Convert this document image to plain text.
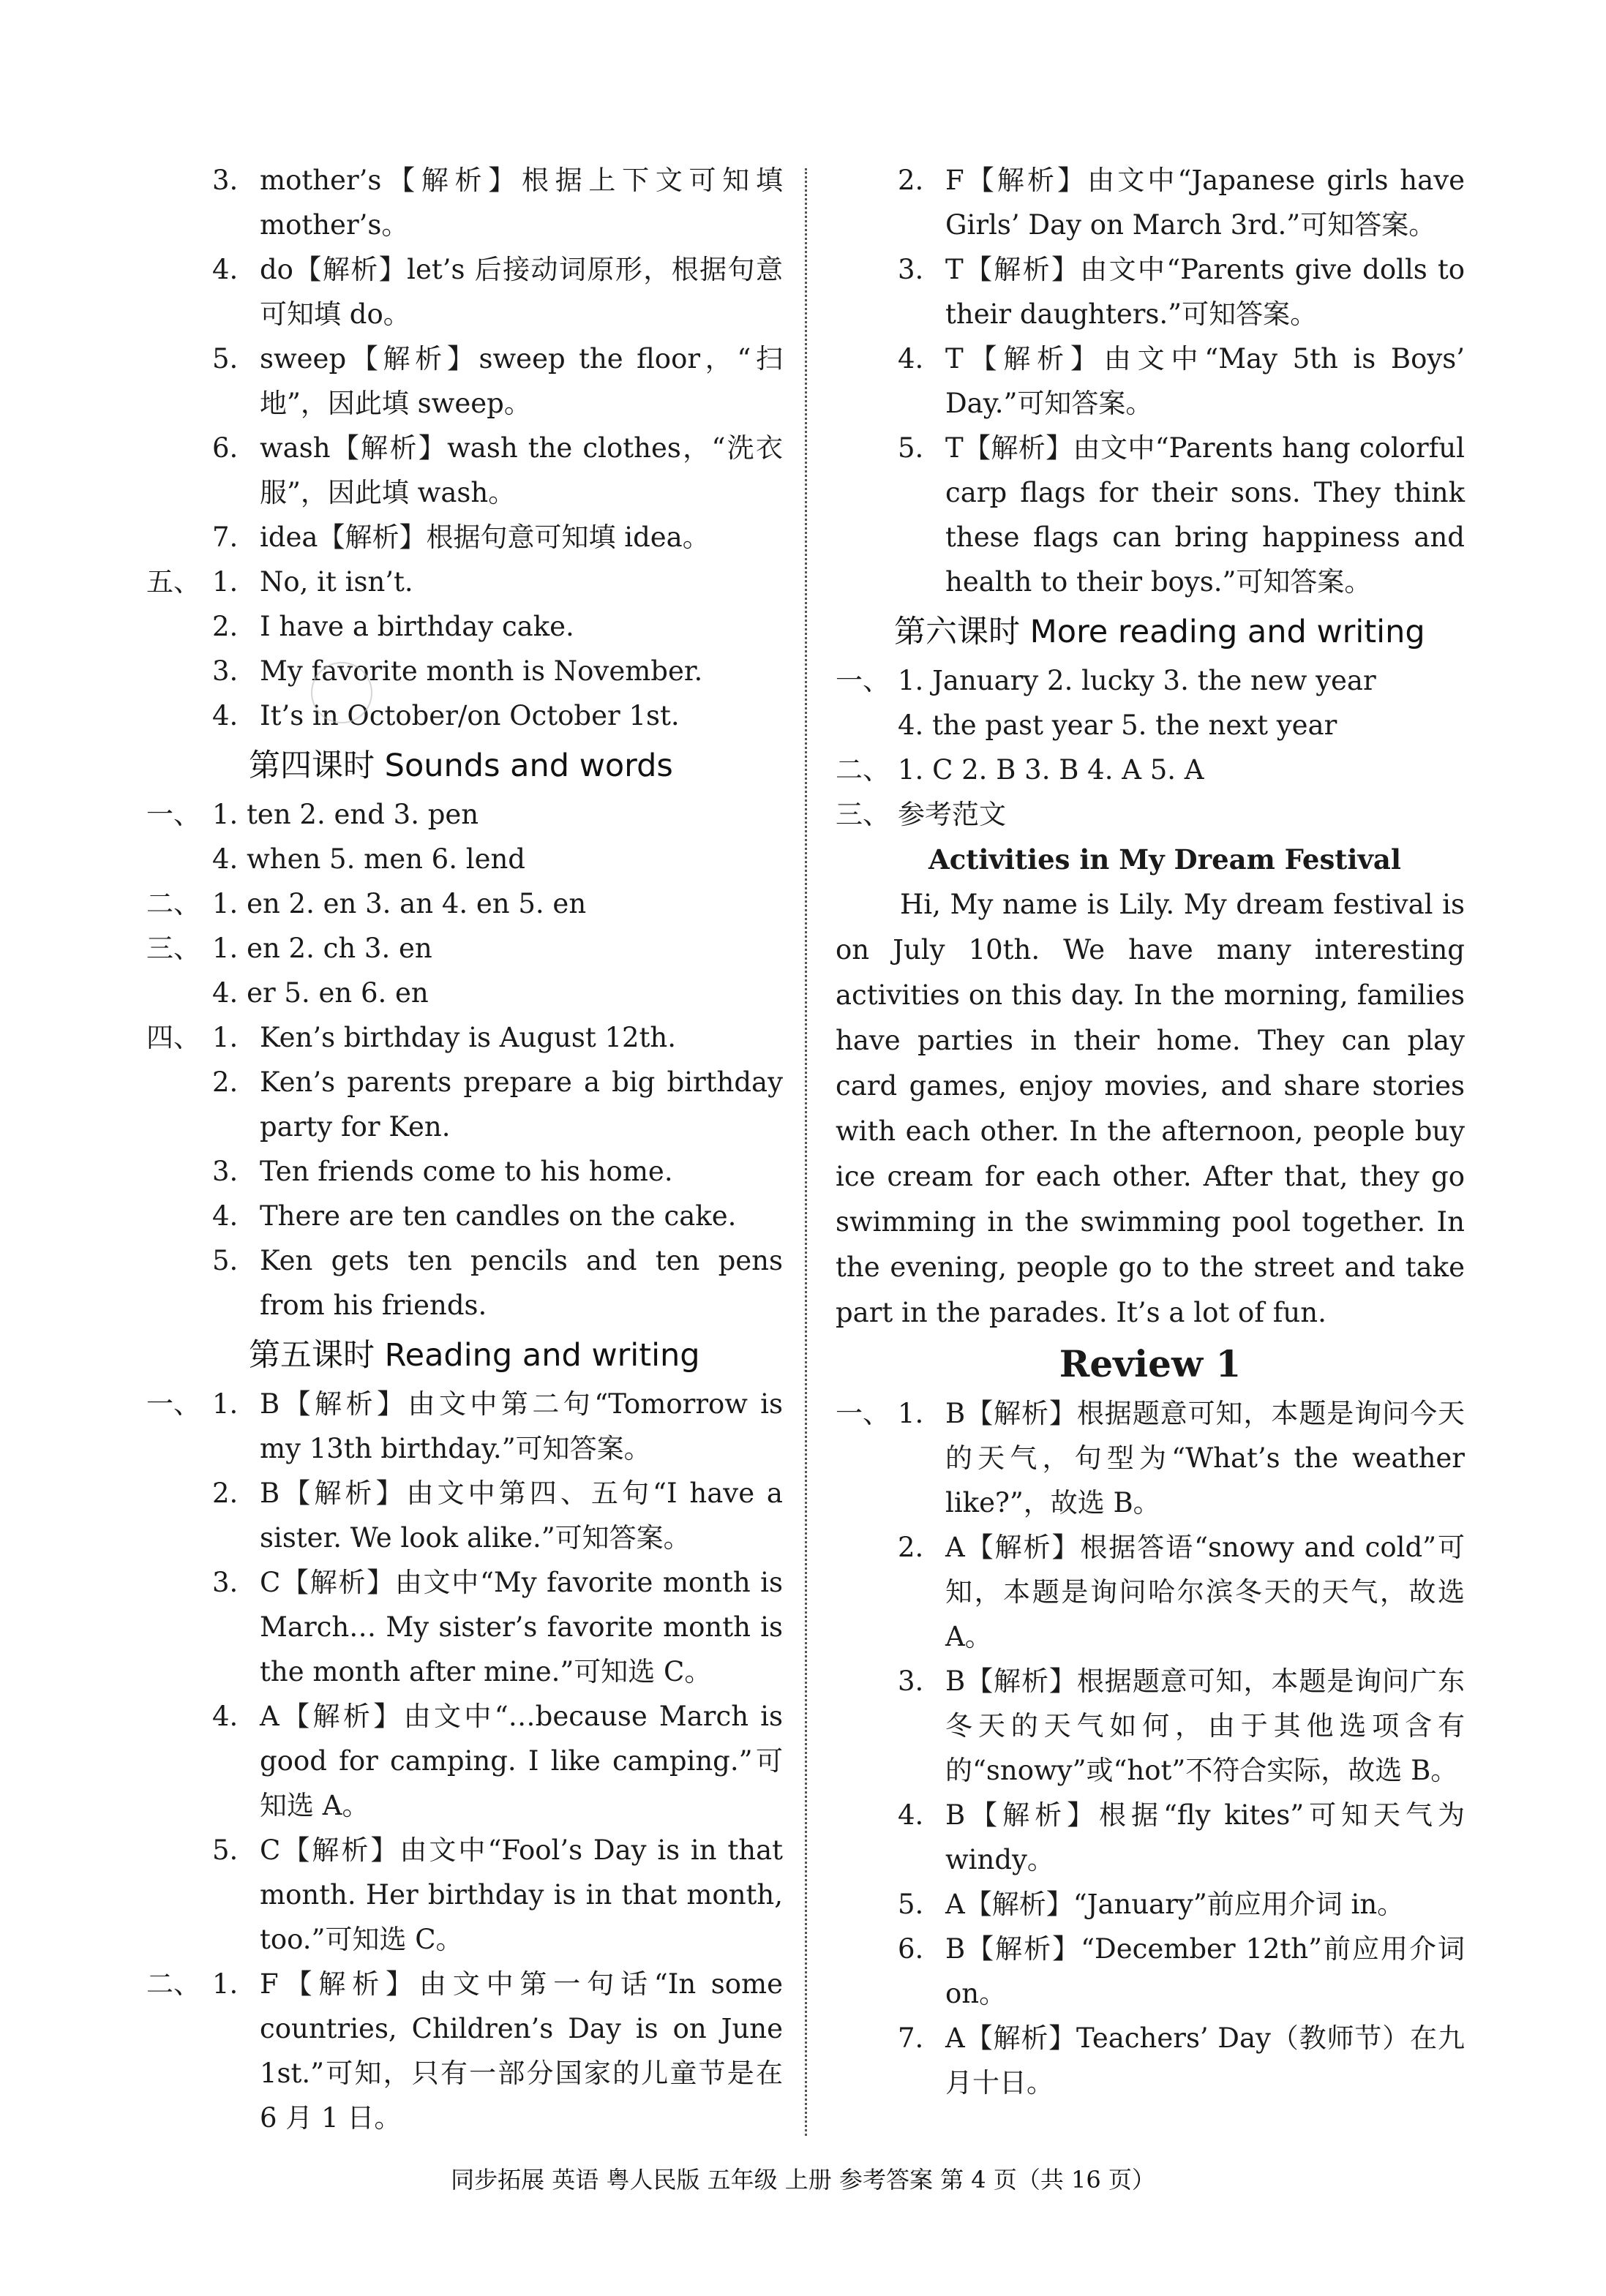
3. mother’s【解析】根据上下文可知填 mother’s。

4. do【解析】let’s 后接动词原形，根据句意可知填 do。

5. sweep【解析】sweep the floor，“扫地”，因此填 sweep。

6. wash【解析】wash the clothes，“洗衣服”，因此填 wash。

7. idea【解析】根据句意可知填 idea。

五、 1. No, it isn’t.

2. I have a birthday cake.

3. My favorite month is November.

4. It’s in October/on October 1st.

第四课时 Sounds and words

一、 1. ten 2. end 3. pen

4. when 5. men 6. lend

二、 1. en 2. en 3. an 4. en 5. en

三、 1. en 2. ch 3. en

4. er 5. en 6. en

四、 1. Ken’s birthday is August 12th.

2. Ken’s parents prepare a big birthday party for Ken.

3. Ten friends come to his home.

4. There are ten candles on the cake.

5. Ken gets ten pencils and ten pens from his friends.

第五课时 Reading and writing

一、 1. B【解析】由文中第二句“Tomorrow is my 13th birthday.”可知答案。

2. B【解析】由文中第四、五句“I have a sister. We look alike.”可知答案。

3. C【解析】由文中“My favorite month is March… My sister’s favorite month is the month after mine.”可知选 C。

4. A【解析】由文中“…because March is good for camping. I like camping.”可知选 A。

5. C【解析】由文中“Fool’s Day is in that month. Her birthday is in that month, too.”可知选 C。

二、 1. F【解析】由文中第一句话“In some countries, Children’s Day is on June 1st.”可知，只有一部分国家的儿童节是在 6 月 1 日。

2. F【解析】由文中“Japanese girls have Girls’ Day on March 3rd.”可知答案。

3. T【解析】由文中“Parents give dolls to their daughters.”可知答案。

4. T【解析】由文中“May 5th is Boys’ Day.”可知答案。

5. T【解析】由文中“Parents hang colorful carp flags for their sons. They think these flags can bring happiness and health to their boys.”可知答案。

第六课时 More reading and writing

一、 1. January 2. lucky 3. the new year

4. the past year 5. the next year

二、 1. C 2. B 3. B 4. A 5. A

三、 参考范文

Activities in My Dream Festival

Hi, My name is Lily. My dream festival is on July 10th. We have many interesting activities on this day. In the morning, families have parties in their home. They can play card games, enjoy movies, and share stories with each other. In the afternoon, people buy ice cream for each other. After that, they go swimming in the swimming pool together. In the evening, people go to the street and take part in the parades. It’s a lot of fun.

Review 1

一、 1. B【解析】根据题意可知，本题是询问今天的天气，句型为“What’s the weather like?”，故选 B。

2. A【解析】根据答语“snowy and cold”可知，本题是询问哈尔滨冬天的天气，故选 A。

3. B【解析】根据题意可知，本题是询问广东冬天的天气如何，由于其他选项含有的“snowy”或“hot”不符合实际，故选 B。

4. B【解析】根据“fly kites”可知天气为 windy。

5. A【解析】“January”前应用介词 in。

6. B【解析】“December 12th”前应用介词 on。

7. A【解析】Teachers’ Day（教师节）在九月十日。

同步拓展 英语 粤人民版 五年级 上册 参考答案 第 4 页（共 16 页）
